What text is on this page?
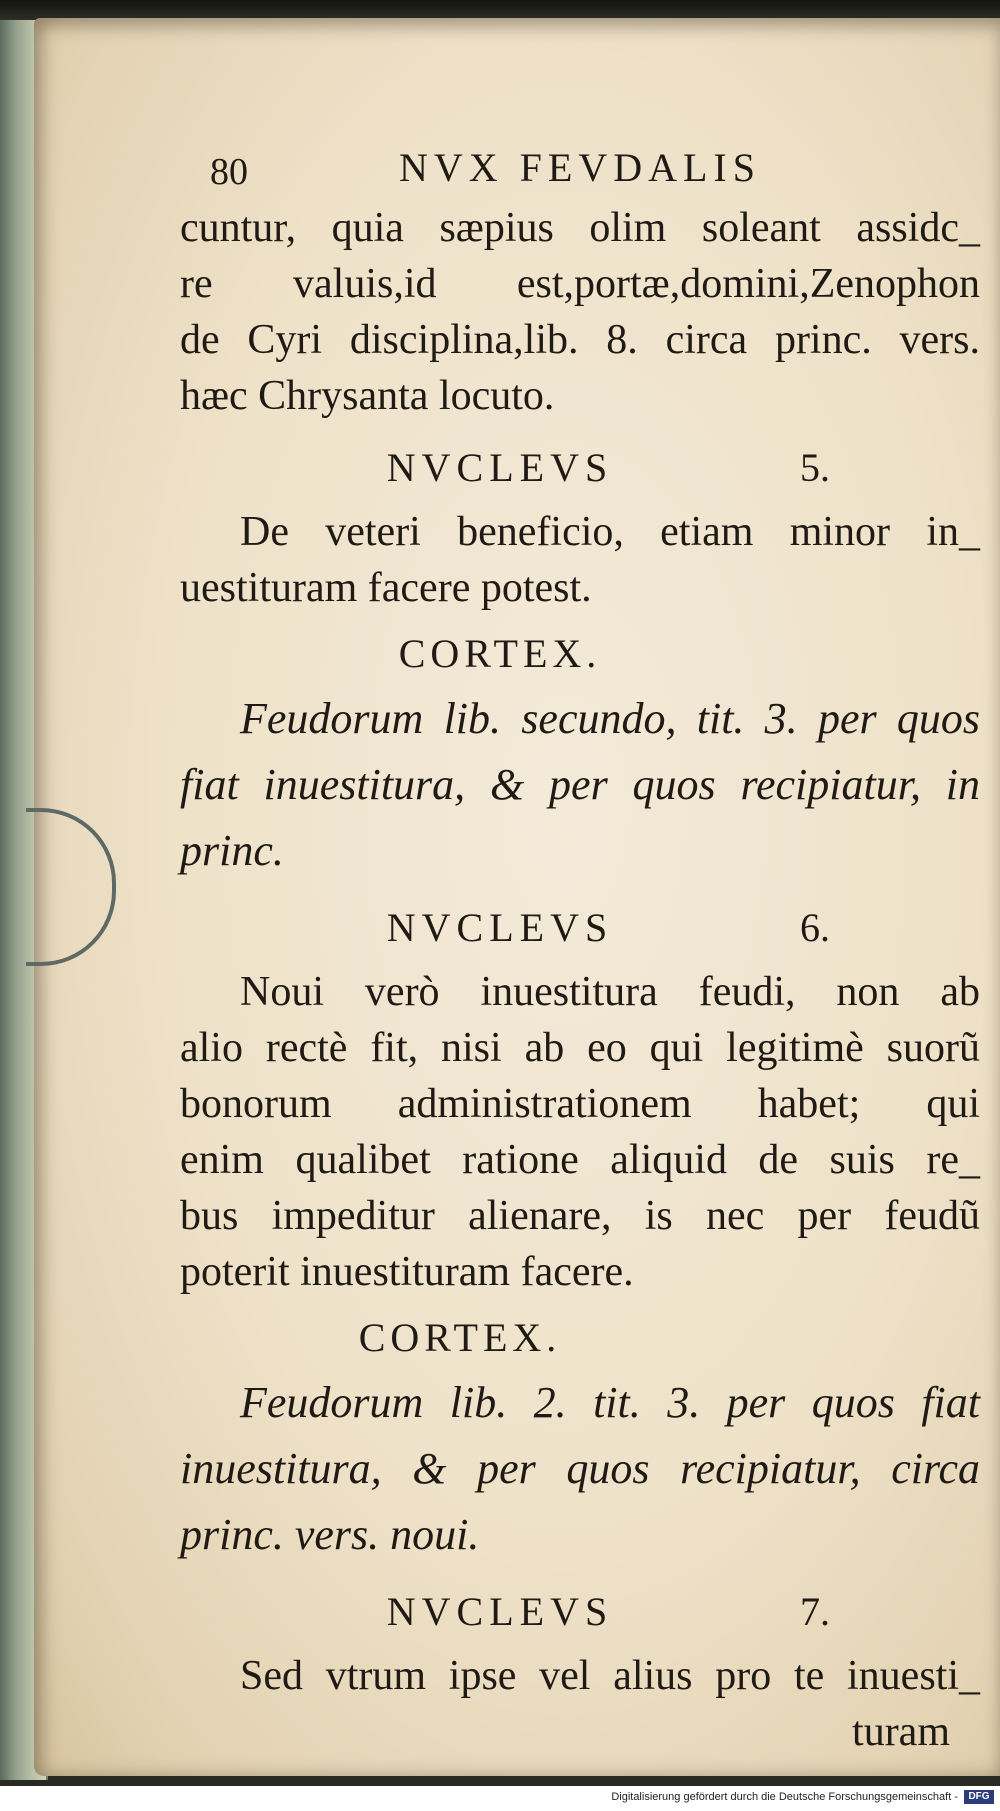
80	NVX FEVDALIS
cuntur, quia sæpius olim soleant assidc_
re valuis,id est,portæ,domini,Zenophon
de Cyri disciplina,lib. 8. circa princ. vers.
hæc Chrysanta locuto.
NVCLEVS	5.
De veteri beneficio, etiam minor in_
uestituram facere potest.
CORTEX.
Feudorum lib. secundo, tit. 3. per quos
fiat inuestitura, & per quos recipiatur, in
princ.
NVCLEVS	6.
Noui verò inuestitura feudi, non ab
alio rectè fit, nisi ab eo qui legitimè suorũ
bonorum administrationem habet; qui
enim qualibet ratione aliquid de suis re_
bus impeditur alienare, is nec per feudũ
poterit inuestituram facere.
CORTEX.
Feudorum lib. 2. tit. 3. per quos fiat
inuestitura, & per quos recipiatur, circa
princ. vers. noui.
NVCLEVS	7.
Sed vtrum ipse vel alius pro te inuesti_
turam
Digitalisierung gefördert durch die Deutsche Forschungsgemeinschaft -	DFG
